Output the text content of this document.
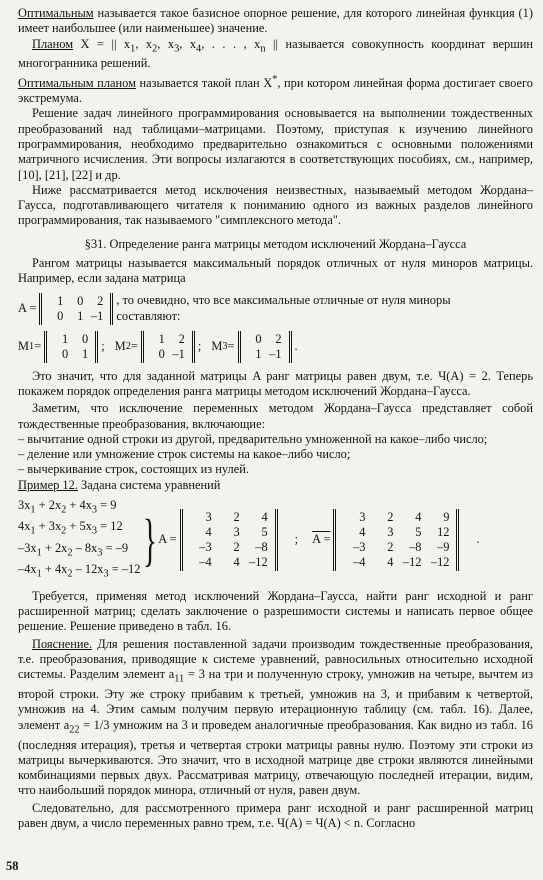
Оптимальным называется такое базисное опорное решение, для которого линейная функция (1) имеет наибольшее (или наименьшее) значение.

Планом X = || $x_1$, $x_2$, $x_3$, $x_4$, . . . , $x_n$ || называется совокупность координат вершин многогранника решений.

Оптимальным планом называется такой план X*, при котором линейная форма достигает своего экстремума.

Решение задач линейного программирования основывается на выполнении тождественных преобразований над таблицами–матрицами. Поэтому, приступая к изучению линейного программирования, необходимо предварительно ознакомиться с основными положениями матричного исчисления. Эти вопросы излагаются в соответствующих пособиях, см., например, [10], [21], [22] и др.

Ниже рассматривается метод исключения неизвестных, называемый методом Жордана–Гаусса, подготавливающего читателя к пониманию одного из важных разделов линейного программирования, так называемого "симплексного метода".

§31. Определение ранга матрицы методом исключений Жордана–Гаусса

Рангом матрицы называется максимальный порядок отличных от нуля миноров матрицы. Например, если задана матрица

A =
1	0	2
0	1 –1
, то очевидно, что все максимальные отличные от нуля миноры составляют:
M 1 =
1	0
0	1
; M 2 =
1	2
0 –1
; M 3 =
0	2
1 –1
.

Это значит, что для заданной матрицы A ранг матрицы равен двум, т.е. Ч(A) = 2. Теперь покажем порядок определения ранга матрицы методом исключений Жордана–Гаусса.

Заметим, что исключение переменных методом Жордана–Гаусса представляет собой тождественные преобразования, включающие:

– вычитание одной строки из другой, предварительно умноженной на какое–либо число;

– деление или умножение строк системы на какое–либо число;

– вычеркивание строк, состоящих из нулей.

Пример 12. Задана система уравнений

$3x_1 + 2x_2 + 4x_3 = 9$
$4x_1 + 3x_2 + 5x_3 = 12$
$-3x_1 + 2x_2 - 8x_3 = -9$
$-4x_1 + 4x_2 - 12x_3 = -12$ } A =
3	2	4
4	3	5
–3	2	–8
–4	4 –12
;	A =
3	2	4	9
4	3	5	12
–3	2	–8	–9
–4	4 –12 –12
.

Требуется, применяя метод исключений Жордана–Гаусса, найти ранг исходной и ранг расширенной матриц; сделать заключение о разрешимости системы и написать первое общее решение. Решение приведено в табл. 16.

Пояснение. Для решения поставленной задачи производим тождественные преобразования, т.е. преобразования, приводящие к системе уравнений, равносильных относительно исходной системы. Разделим элемент $a_{11} = 3$ на три и полученную строку, умножив на четыре, вычтем из второй строки. Эту же строку прибавим к третьей, умножив на 3, и прибавим к четвертой, умножив на 4. Этим самым получим первую итерационную таблицу (см. табл. 16). Далее, элемент $a_{22} = 1/3$ умножим на 3 и проведем аналогичные преобразования. Как видно из табл. 16 (последняя итерация), третья и четвертая строки матрицы равны нулю. Поэтому эти строки из матрицы вычеркиваются. Это значит, что в исходной матрице две строки являются линейными комбинациями первых двух. Рассматривая матрицу, отвечающую последней итерации, видим, что наибольший порядок минора, отличный от нуля, равен двум.

Следовательно, для рассмотренного примера ранг исходной и ранг расширенной матриц равен двум, а число переменных равно трем, т.е. Ч(A) = Ч(A) < n. Согласно

58
